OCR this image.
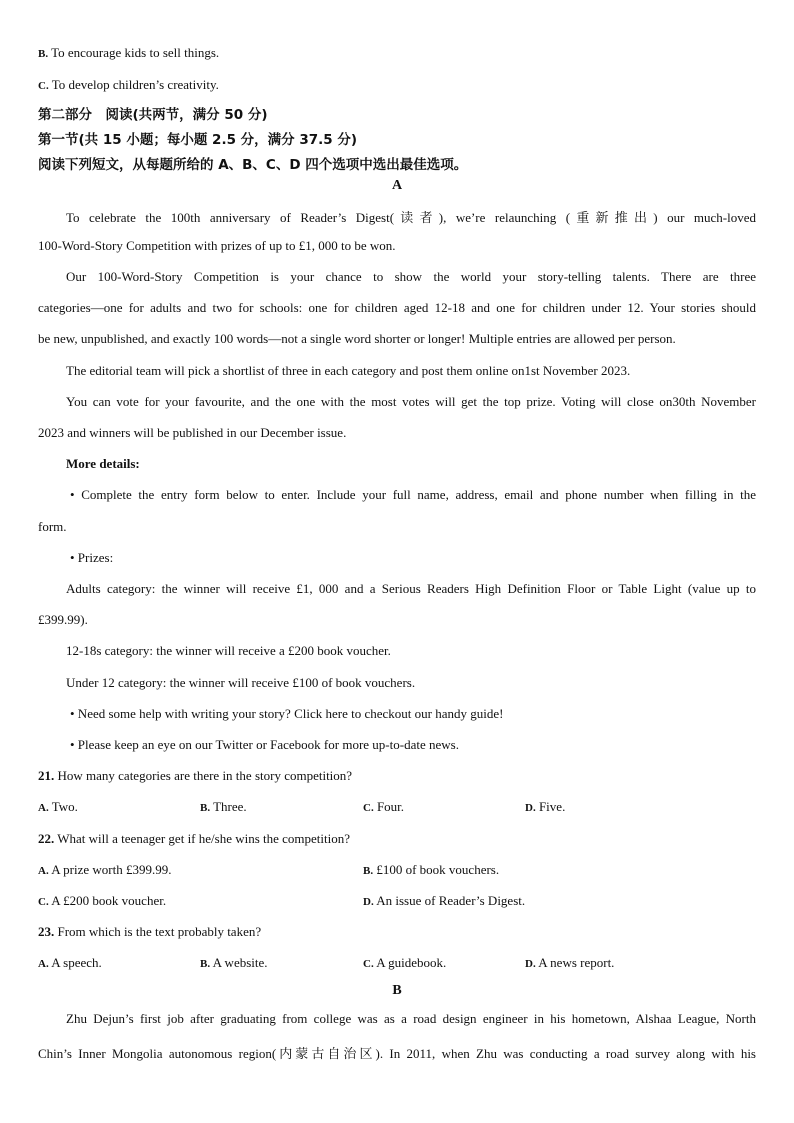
B. To encourage kids to sell things.
C. To develop children’s creativity.
第二部分　阅读(共两节，满分 50 分)
第一节(共 15 小题；每小题 2.5 分，满分 37.5 分)
阅读下列短文，从每题所给的 A、B、C、D 四个选项中选出最佳选项。
A
To celebrate the 100th anniversary of Reader’s Digest(读者), we’re relaunching (重新推出) our much-loved
100-Word-Story Competition with prizes of up to £1, 000 to be won.
Our 100-Word-Story Competition is your chance to show the world your story-telling talents. There are three
categories—one for adults and two for schools: one for children aged 12-18 and one for children under 12. Your stories should
be new, unpublished, and exactly 100 words—not a single word shorter or longer! Multiple entries are allowed per person.
The editorial team will pick a shortlist of three in each category and post them online on1st November 2023.
You can vote for your favourite, and the one with the most votes will get the top prize. Voting will close on30th November
2023 and winners will be published in our December issue.
More details:
• Complete the entry form below to enter. Include your full name, address, email and phone number when filling in the
form.
• Prizes:
Adults category: the winner will receive £1, 000 and a Serious Readers High Definition Floor or Table Light (value up to
£399.99).
12-18s category: the winner will receive a £200 book voucher.
Under 12 category: the winner will receive £100 of book vouchers.
• Need some help with writing your story? Click here to checkout our handy guide!
• Please keep an eye on our Twitter or Facebook for more up-to-date news.
21. How many categories are there in the story competition?
A. Two.	B. Three.	C. Four.	D. Five.
22. What will a teenager get if he/she wins the competition?
A. A prize worth £399.99.	B. £100 of book vouchers.
C. A £200 book voucher.	D. An issue of Reader’s Digest.
23. From which is the text probably taken?
A. A speech.	B. A website.	C. A guidebook.	D. A news report.
B
Zhu Dejun’s first job after graduating from college was as a road design engineer in his hometown, Alshaa League, North
Chin’s Inner Mongolia autonomous region(内蒙古自治区). In 2011, when Zhu was conducting a road survey along with his
